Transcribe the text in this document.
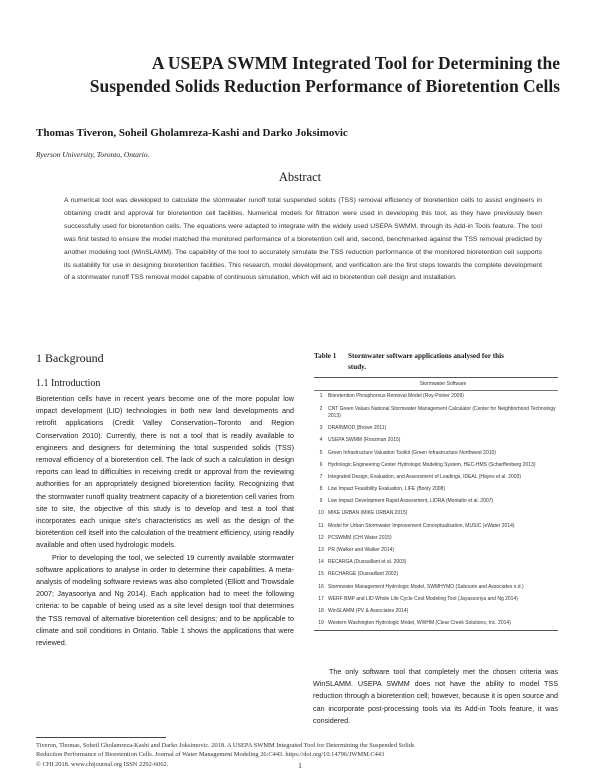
A USEPA SWMM Integrated Tool for Determining the
Suspended Solids Reduction Performance of Bioretention Cells
Thomas Tiveron, Soheil Gholamreza-Kashi and Darko Joksimovic
Ryerson University, Toronto, Ontario.
Abstract
A numerical tool was developed to calculate the stormwater runoff total suspended solids (TSS) removal efficiency of bioretention cells to assist engineers in obtaining credit and approval for bioretention cell facilities. Numerical models for filtration were used in developing this tool, as they have previously been successfully used for bioretention cells. The equations were adapted to integrate with the widely used USEPA SWMM, through its Add-in Tools feature. The tool was first tested to ensure the model matched the monitored performance of a bioretention cell and, second, benchmarked against the TSS removal predicted by another modeling tool (WinSLAMM). The capability of the tool to accurately simulate the TSS reduction performance of the monitored bioretention cell supports its suitability for use in designing bioretention facilities. This research, model development, and verification are the first steps towards the complete development of a stormwater runoff TSS removal model capable of continuous simulation, which will aid in bioretention cell design and installation.
1 Background
1.1 Introduction

Bioretention cells have in recent years become one of the more popular low impact development (LID) technologies in both new land developments and retrofit applications (Credit Valley Conservation–Toronto and Region Conservation 2010). Currently, there is not a tool that is readily available to engineers and designers for determining the total suspended solids (TSS) removal efficiency of a bioretention cell. The lack of such a calculation in design reports can lead to difficulties in receiving credit or approval from the reviewing authorities for an appropriately designed bioretention facility. Recognizing that the stormwater runoff quality treatment capacity of a bioretention cell varies from site to site, the objective of this study is to develop and test a tool that incorporates each unique site's characteristics as well as the design of the bioretention cell itself into the calculation of the treatment efficiency, using readily available and often used hydrologic models.

Prior to developing the tool, we selected 19 currently available stormwater software applications to analyse in order to determine their capabilities. A meta-analysis of modeling software reviews was also completed (Elliott and Trowsdale 2007; Jayasooriya and Ng 2014). Each application had to meet the following criteria: to be capable of being used as a site level design tool that determines the TSS removal of alternative bioretention cell designs; and to be applicable to climate and soil conditions in Ontario. Table 1 shows the applications that were reviewed.

Table 1 Stormwater software applications analysed for this
study.
	Stormwater Software
1	Bioretention Phosphorous Removal Model (Roy-Poirier 2009)
2	CNT Green Values National Stormwater Management Calculator (Center for Neighborhood Technology 2013)
3	DRAINMOD (Brown 2011)
4	USEPA SWMM (Rossman 2015)
5	Green Infrastructure Valuation Toolkit (Green Infrastructure Northwest 2010)
6	Hydrologic Engineering Center Hydrologic Modeling System, HEC-HMS (Scharffenberg 2013)
7	Integrated Design, Evaluation, and Assessment of Loadings, IDEAL (Hayes et al. 2003)
8	Low Impact Feasibility Evaluation, LIFE (Booly 2008)
9	Low Impact Development Rapid Assessment, LIDRA (Montalto et al. 2007)
10	MIKE URBAN (MIKE URBAN 2015)
11	Model for Urban Stormwater Improvement Conceptualisation, MUSIC (eWater 2014)
12	PCSWMM (CHI Water 2015)
13	PR (Walker and Walker 2014)
14	RECARGA (Dussaillant et al. 2003)
15	RECHARGE (Dussaillant 2002)
16	Stormwater Management Hydrologic Model, SWMHYMO (Sabourin and Associates n.d.)
17	WERF BMP and LID Whole Life Cycle Cost Modeling Tool (Jayasooriya and Ng 2014)
18	WinSLAMM (PV & Associates 2014)
19	Western Washington Hydrologic Model, WWHM (Clear Creek Solutions, Inc. 2014)
The only software tool that completely met the chosen criteria was WinSLAMM. USEPA SWMM does not have the ability to model TSS reduction through a bioretention cell; however, because it is open source and can incorporate post-processing tools via its Add-in Tools feature, it was considered.
Tiveron, Thomas, Soheil Gholamreza-Kashi and Darko Joksimovic. 2018. A USEPA SWMM Integrated Tool for Determining the Suspended Solids
Reduction Performance of Bioretention Cells. Journal of Water Management Modeling 26:C443. https://doi.org/10.14796/JWMM.C443
© CHI 2018. www.chijournal.org ISSN 2292-6062.	1
